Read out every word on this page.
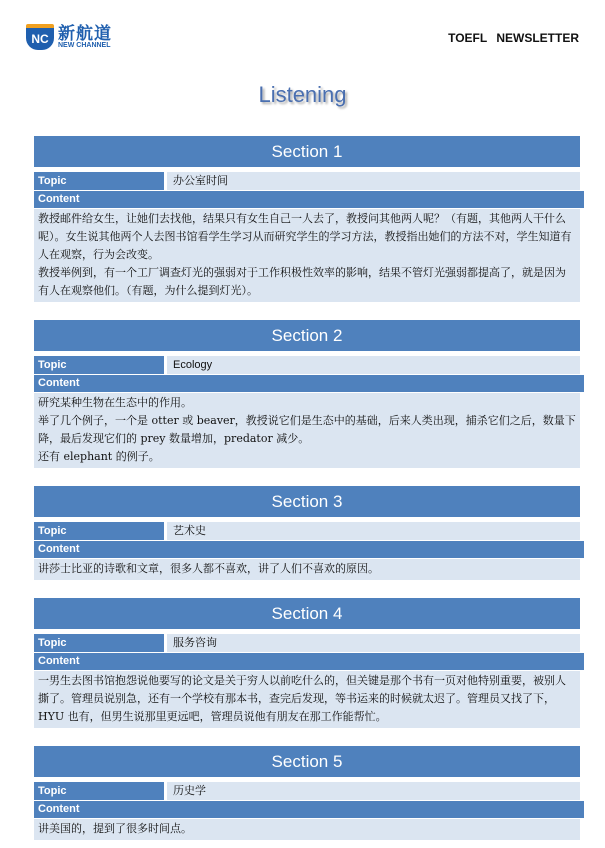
NC 新航道
NEW CHANNEL
TOEFL NEWSLETTER
Listening
Section 1
Topic	办公室时间
Content

教授邮件给女生，让她们去找他，结果只有女生自己一人去了，教授问其他两人呢？（有题，其他两人干什么呢）。女生说其他两个人去图书馆看学生学习从而研究学生的学习方法，教授指出她们的方法不对，学生知道有人在观察，行为会改变。

教授举例到，有一个工厂调查灯光的强弱对于工作积极性效率的影响，结果不管灯光强弱都提高了，就是因为有人在观察他们。（有题，为什么提到灯光）。

Section 2
Topic	Ecology
Content

研究某种生物在生态中的作用。

举了几个例子，一个是 otter 或 beaver，教授说它们是生态中的基础，后来人类出现，捕杀它们之后，数量下降，最后发现它们的 prey 数量增加，predator 减少。

还有 elephant 的例子。

Section 3
Topic	艺术史
Content

讲莎士比亚的诗歌和文章，很多人都不喜欢，讲了人们不喜欢的原因。

Section 4
Topic	服务咨询
Content

一男生去图书馆抱怨说他要写的论文是关于穷人以前吃什么的，但关键是那个书有一页对他特别重要，被别人撕了。管理员说别急，还有一个学校有那本书，查完后发现，等书运来的时候就太迟了。管理员又找了下，HYU 也有，但男生说那里更远吧，管理员说他有朋友在那工作能帮忙。

Section 5
Topic	历史学
Content

讲美国的，提到了很多时间点。
